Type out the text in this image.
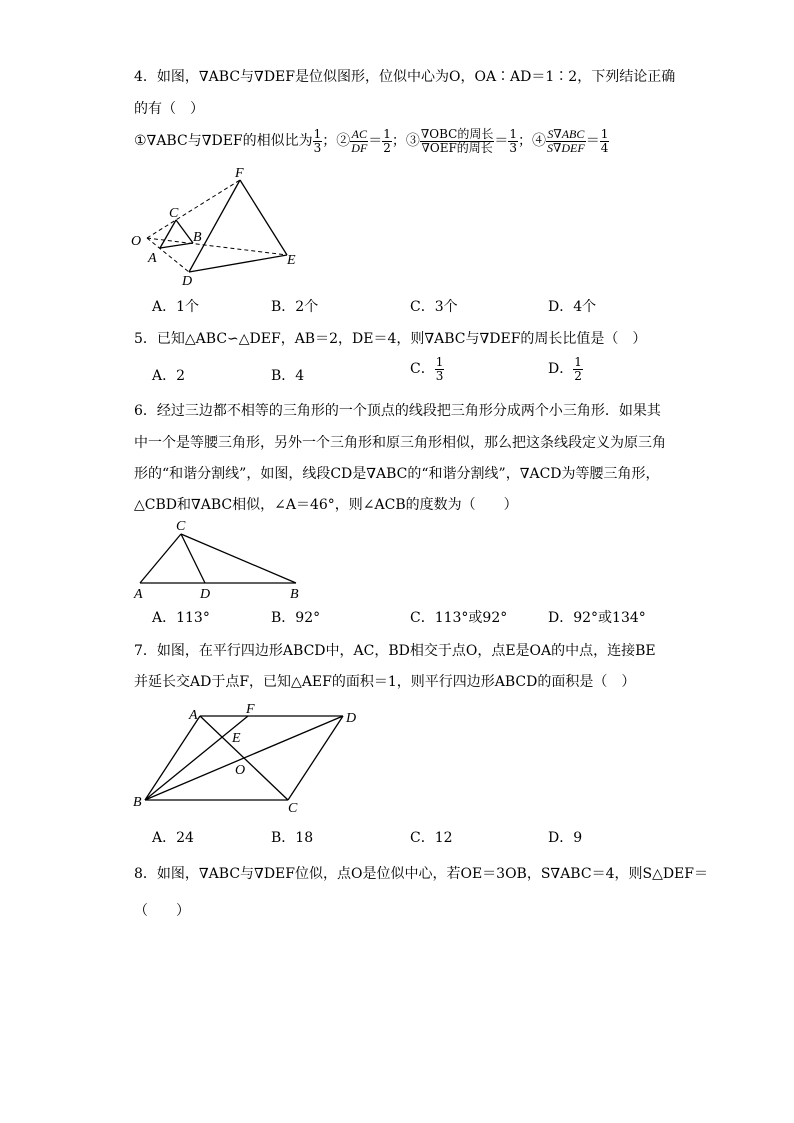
4．如图，∇ABC与∇DEF是位似图形，位似中心为O，OA∶AD＝1∶2，下列结论正确
的有（　）
①∇ABC与∇DEF的相似比为 $\frac{1}{3}$ ；② $\frac{AC}{DF} = \frac{1}{2}$ ；③ $\frac{\text{∇OBC的周长}}{\text{∇OEF的周长}} = \frac{1}{3}$ ；④ $\frac{\text{S∇ABC}}{\text{S∇DEF}} = \frac{1}{4}$
O
A
B
C
D
E
F
A．1个	B．2个	C．3个	D．4个
5．已知△ABC∽△DEF，AB＝2，DE＝4，则∇ABC与∇DEF的周长比值是（　）
A．2	B．4	C． $\frac{1}{3}$	D． $\frac{1}{2}$
6．经过三边都不相等的三角形的一个顶点的线段把三角形分成两个小三角形．如果其
中一个是等腰三角形，另外一个三角形和原三角形相似，那么把这条线段定义为原三角
形的“和谐分割线”，如图，线段CD是∇ABC的“和谐分割线”，∇ACD为等腰三角形，
△CBD和∇ABC相似，∠A＝46°，则∠ACB的度数为（　　）
C
A	D	B
A．113°	B．92°	C．113°或92°	D．92°或134°
7．如图，在平行四边形ABCD中，AC，BD相交于点O，点E是OA的中点，连接BE
并延长交AD于点F，已知△AEF的面积＝1，则平行四边形ABCD的面积是（　）
A	F
D
E
O
B	C
A．24	B．18	C．12	D．9
8．如图，∇ABC与∇DEF位似，点O是位似中心，若OE＝3OB，S∇ABC＝4，则S△DEF＝
（　　）
